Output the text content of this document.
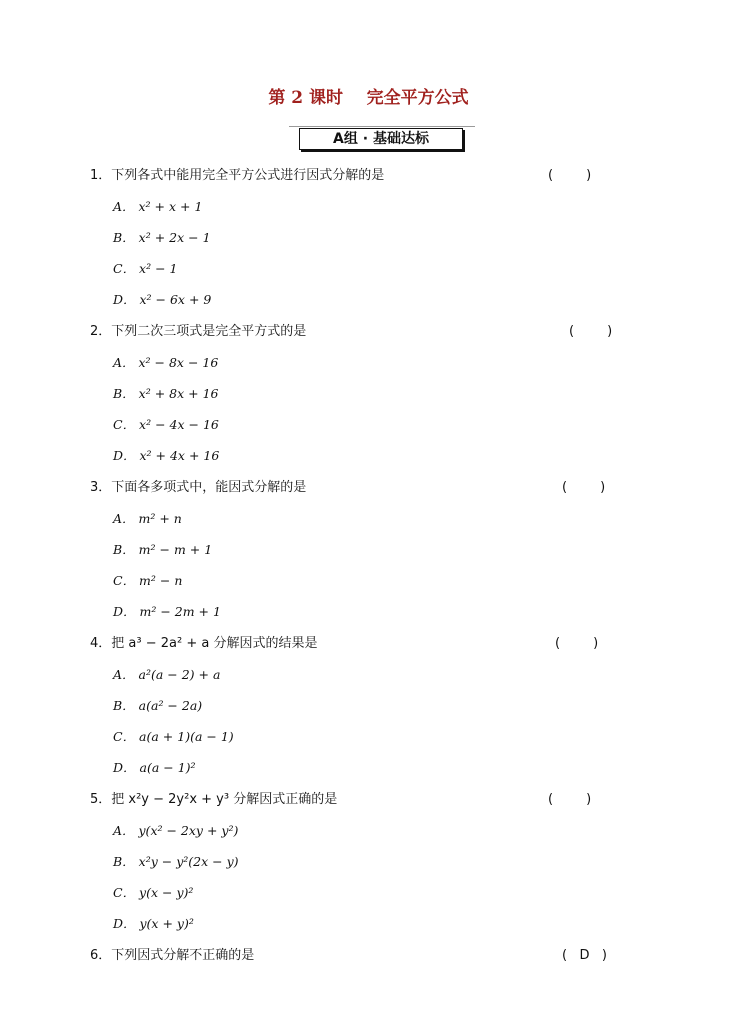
第 2 课时    完全平方公式
A组 · 基础达标
1．下列各式中能用完全平方公式进行因式分解的是	(        )
A． x² + x + 1
B． x² + 2x − 1
C． x² − 1
D． x² − 6x + 9
2．下列二次三项式是完全平方式的是	(        )
A． x² − 8x − 16
B． x² + 8x + 16
C． x² − 4x − 16
D． x² + 4x + 16
3．下面各多项式中，能因式分解的是	(        )
A． m² + n
B． m² − m + 1
C． m² − n
D． m² − 2m + 1
4．把 a³ − 2a² + a 分解因式的结果是	(        )
A． a²(a − 2) + a
B． a(a² − 2a)
C． a(a + 1)(a − 1)
D． a(a − 1)²
5．把 x²y − 2y²x + y³ 分解因式正确的是	(        )
A． y(x² − 2xy + y²)
B． x²y − y²(2x − y)
C． y(x − y)²
D． y(x + y)²
6．下列因式分解不正确的是	(   D   )
